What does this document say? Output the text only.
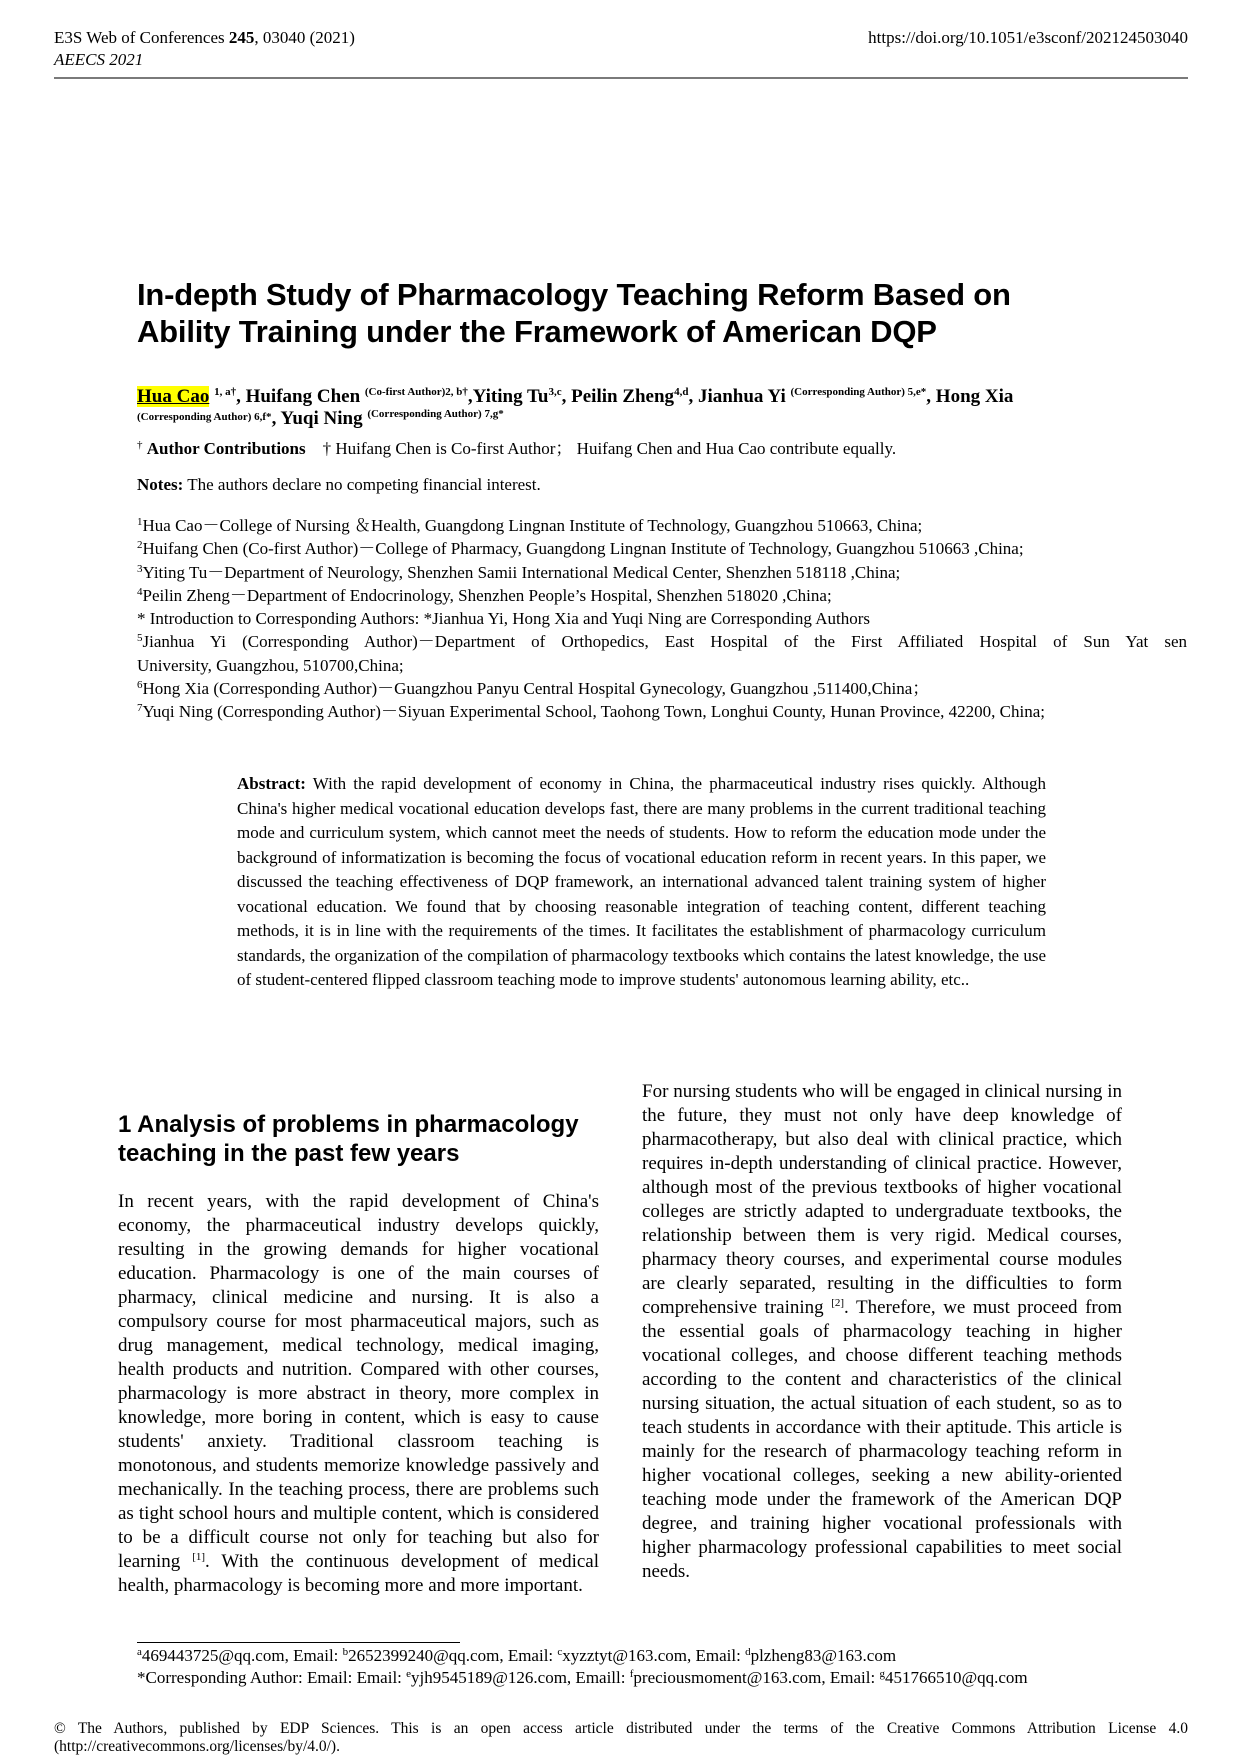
E3S Web of Conferences 245, 03040 (2021)
AEECS 2021
https://doi.org/10.1051/e3sconf/202124503040
In-depth Study of Pharmacology Teaching Reform Based on
Ability Training under the Framework of American DQP
Hua Cao $^{1, a\dagger}$, Huifang Chen $^{(Co-first Author)2, b\dagger}$,Yiting Tu$^{3,c}$, Peilin Zheng$^{4,d}$, Jianhua Yi $^{(Corresponding Author) 5,e*}$, Hong Xia
$^{(Corresponding Author) 6,f*}$, Yuqi Ning $^{(Corresponding Author) 7,g*}$
† Author Contributions † Huifang Chen is Co-first Author； Huifang Chen and Hua Cao contribute equally.
Notes: The authors declare no competing financial interest.
$^1$Hua Cao－College of Nursing ＆Health, Guangdong Lingnan Institute of Technology, Guangzhou 510663, China;
$^2$Huifang Chen (Co-first Author)－College of Pharmacy, Guangdong Lingnan Institute of Technology, Guangzhou 510663 ,China;
$^3$Yiting Tu－Department of Neurology, Shenzhen Samii International Medical Center, Shenzhen 518118 ,China;
$^4$Peilin Zheng－Department of Endocrinology, Shenzhen People’s Hospital, Shenzhen 518020 ,China;
* Introduction to Corresponding Authors: *Jianhua Yi, Hong Xia and Yuqi Ning are Corresponding Authors
$^5$Jianhua Yi (Corresponding Author)－Department of Orthopedics, East Hospital of the First Affiliated Hospital of Sun Yat sen
University, Guangzhou, 510700,China;
$^6$Hong Xia (Corresponding Author)－Guangzhou Panyu Central Hospital Gynecology, Guangzhou ,511400,China；
$^7$Yuqi Ning (Corresponding Author)－Siyuan Experimental School, Taohong Town, Longhui County, Hunan Province, 42200, China;
Abstract: With the rapid development of economy in China, the pharmaceutical industry rises quickly. Although China's higher medical vocational education develops fast, there are many problems in the current traditional teaching mode and curriculum system, which cannot meet the needs of students. How to reform the education mode under the background of informatization is becoming the focus of vocational education reform in recent years. In this paper, we discussed the teaching effectiveness of DQP framework, an international advanced talent training system of higher vocational education. We found that by choosing reasonable integration of teaching content, different teaching methods, it is in line with the requirements of the times. It facilitates the establishment of pharmacology curriculum standards, the organization of the compilation of pharmacology textbooks which contains the latest knowledge, the use of student-centered flipped classroom teaching mode to improve students' autonomous learning ability, etc..
1 Analysis of problems in pharmacology teaching in the past few years
In recent years, with the rapid development of China's economy, the pharmaceutical industry develops quickly, resulting in the growing demands for higher vocational education. Pharmacology is one of the main courses of pharmacy, clinical medicine and nursing. It is also a compulsory course for most pharmaceutical majors, such as drug management, medical technology, medical imaging, health products and nutrition. Compared with other courses, pharmacology is more abstract in theory, more complex in knowledge, more boring in content, which is easy to cause students' anxiety. Traditional classroom teaching is monotonous, and students memorize knowledge passively and mechanically. In the teaching process, there are problems such as tight school hours and multiple content, which is considered to be a difficult course not only for teaching but also for learning [1]. With the continuous development of medical health, pharmacology is becoming more and more important.
For nursing students who will be engaged in clinical nursing in the future, they must not only have deep knowledge of pharmacotherapy, but also deal with clinical practice, which requires in-depth understanding of clinical practice. However, although most of the previous textbooks of higher vocational colleges are strictly adapted to undergraduate textbooks, the relationship between them is very rigid. Medical courses, pharmacy theory courses, and experimental course modules are clearly separated, resulting in the difficulties to form comprehensive training [2]. Therefore, we must proceed from the essential goals of pharmacology teaching in higher vocational colleges, and choose different teaching methods according to the content and characteristics of the clinical nursing situation, the actual situation of each student, so as to teach students in accordance with their aptitude. This article is mainly for the research of pharmacology teaching reform in higher vocational colleges, seeking a new ability-oriented teaching mode under the framework of the American DQP degree, and training higher vocational professionals with higher pharmacology professional capabilities to meet social needs.
$^a$469443725@qq.com, Email: $^b$2652399240@qq.com, Email: $^c$xyzztyt@163.com, Email: $^d$plzheng83@163.com
*Corresponding Author: Email: Email: $^e$yjh9545189@126.com, Emaill: $^f$preciousmoment@163.com, Email: $^g$451766510@qq.com
© The Authors, published by EDP Sciences. This is an open access article distributed under the terms of the Creative Commons Attribution License 4.0 (http://creativecommons.org/licenses/by/4.0/).
